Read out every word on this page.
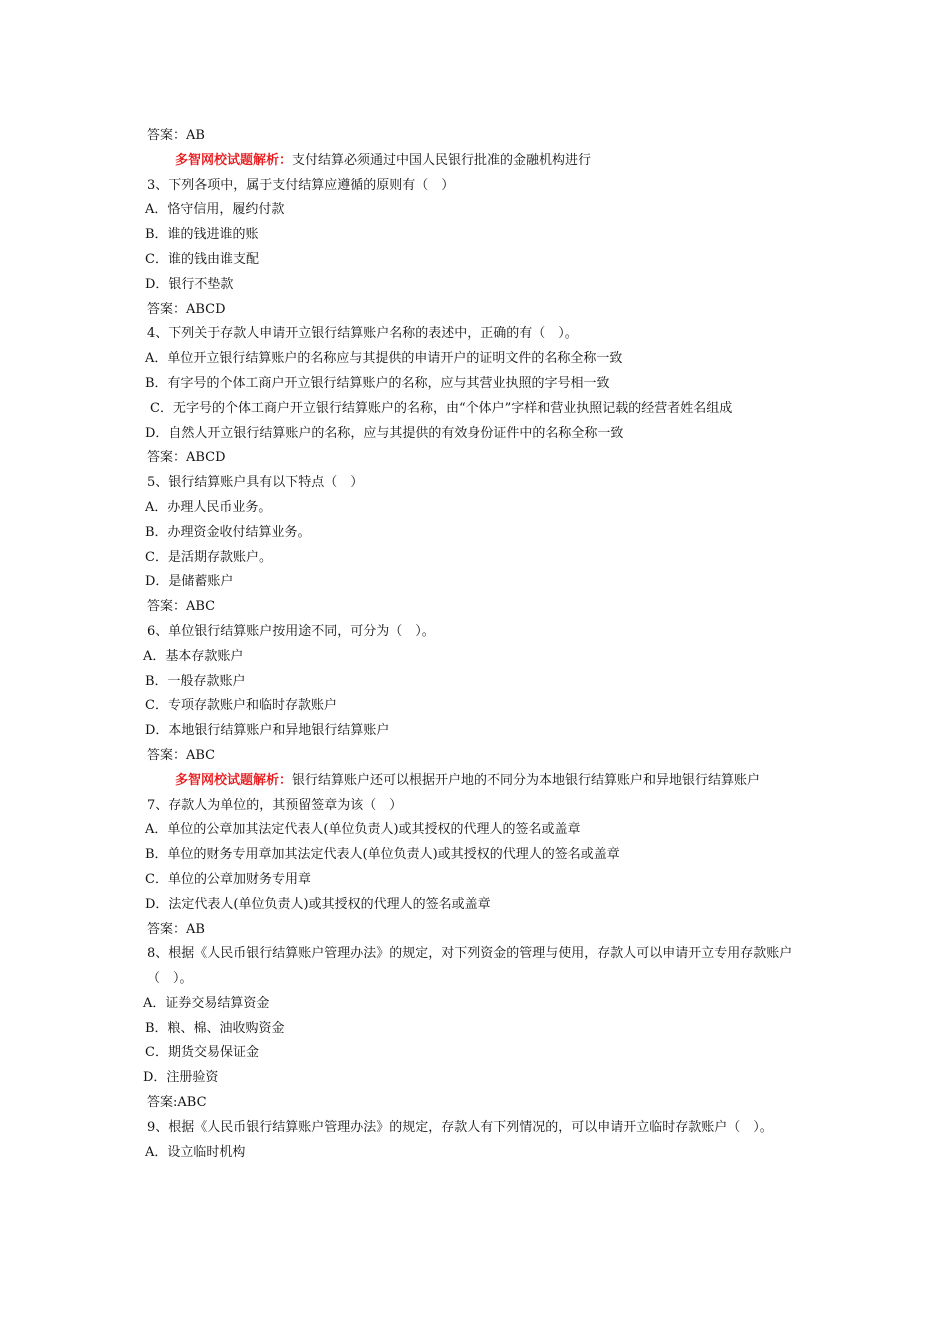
答案：AB
多智网校试题解析：支付结算必须通过中国人民银行批准的金融机构进行
3、下列各项中，属于支付结算应遵循的原则有（　）
A．恪守信用，履约付款
B．谁的钱进谁的账
C．谁的钱由谁支配
D．银行不垫款
答案：ABCD
4、下列关于存款人申请开立银行结算账户名称的表述中，正确的有（　）。
A．单位开立银行结算账户的名称应与其提供的申请开户的证明文件的名称全称一致
B．有字号的个体工商户开立银行结算账户的名称，应与其营业执照的字号相一致
C．无字号的个体工商户开立银行结算账户的名称，由“个体户”字样和营业执照记载的经营者姓名组成
D．自然人开立银行结算账户的名称，应与其提供的有效身份证件中的名称全称一致
答案：ABCD
5、银行结算账户具有以下特点（　）
A．办理人民币业务。
B．办理资金收付结算业务。
C．是活期存款账户。
D．是储蓄账户
答案：ABC
6、单位银行结算账户按用途不同，可分为（　）。
A．基本存款账户
B．一般存款账户
C．专项存款账户和临时存款账户
D．本地银行结算账户和异地银行结算账户
答案：ABC
多智网校试题解析：银行结算账户还可以根据开户地的不同分为本地银行结算账户和异地银行结算账户
7、存款人为单位的，其预留签章为该（　）
A．单位的公章加其法定代表人(单位负责人)或其授权的代理人的签名或盖章
B．单位的财务专用章加其法定代表人(单位负责人)或其授权的代理人的签名或盖章
C．单位的公章加财务专用章
D．法定代表人(单位负责人)或其授权的代理人的签名或盖章
答案：AB
8、根据《人民币银行结算账户管理办法》的规定，对下列资金的管理与使用，存款人可以申请开立专用存款账户（　）。
A．证券交易结算资金
B．粮、棉、油收购资金
C．期货交易保证金
D．注册验资
答案:ABC
9、根据《人民币银行结算账户管理办法》的规定，存款人有下列情况的，可以申请开立临时存款账户（　）。
A．设立临时机构
